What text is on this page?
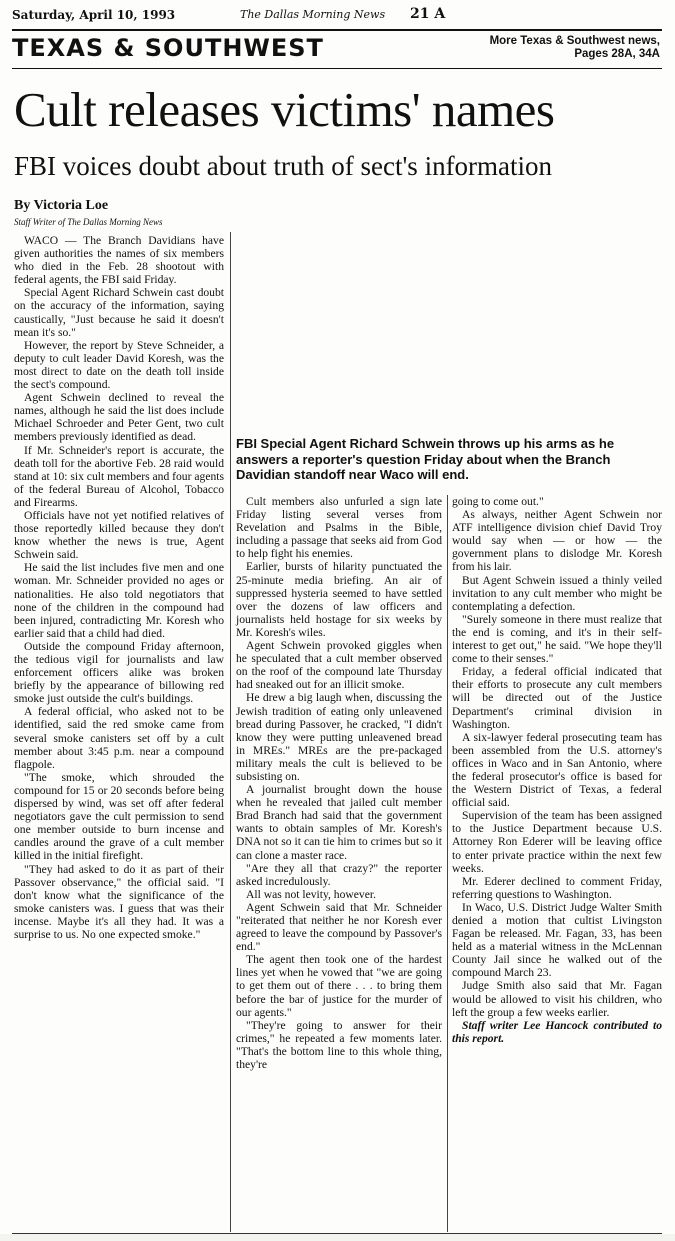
Saturday, April 10, 1993	The Dallas Morning News 21 A
TEXAS & SOUTHWEST	More Texas & Southwest news,
Pages 28A, 34A
Cult releases victims' names
FBI voices doubt about truth of sect's information
By Victoria Loe
Staff Writer of The Dallas Morning News

WACO — The Branch Davidians have given authorities the names of six members who died in the Feb. 28 shootout with federal agents, the FBI said Friday.

Special Agent Richard Schwein cast doubt on the accuracy of the information, saying caustically, "Just because he said it doesn't mean it's so."

However, the report by Steve Schneider, a deputy to cult leader David Koresh, was the most direct to date on the death toll inside the sect's compound.

Agent Schwein declined to reveal the names, although he said the list does include Michael Schroeder and Peter Gent, two cult members previously identified as dead.

If Mr. Schneider's report is accurate, the death toll for the abortive Feb. 28 raid would stand at 10: six cult members and four agents of the federal Bureau of Alcohol, Tobacco and Firearms.

Officials have not yet notified relatives of those reportedly killed because they don't know whether the news is true, Agent Schwein said.

He said the list includes five men and one woman. Mr. Schneider provided no ages or nationalities. He also told negotiators that none of the children in the compound had been injured, contradicting Mr. Koresh who earlier said that a child had died.

Outside the compound Friday afternoon, the tedious vigil for journalists and law enforcement officers alike was broken briefly by the appearance of billowing red smoke just outside the cult's buildings.

A federal official, who asked not to be identified, said the red smoke came from several smoke canisters set off by a cult member about 3:45 p.m. near a compound flagpole.

"The smoke, which shrouded the compound for 15 or 20 seconds before being dispersed by wind, was set off after federal negotiators gave the cult permission to send one member outside to burn incense and candles around the grave of a cult member killed in the initial firefight.

"They had asked to do it as part of their Passover observance," the official said. "I don't know what the significance of the smoke canisters was. I guess that was their incense. Maybe it's all they had. It was a surprise to us. No one expected smoke."

FBI Special Agent Richard Schwein throws up his arms as he answers a reporter's question Friday about when the Branch Davidian standoff near Waco will end.

Cult members also unfurled a sign late Friday listing several verses from Revelation and Psalms in the Bible, including a passage that seeks aid from God to help fight his enemies.

Earlier, bursts of hilarity punctuated the 25-minute media briefing. An air of suppressed hysteria seemed to have settled over the dozens of law officers and journalists held hostage for six weeks by Mr. Koresh's wiles.

Agent Schwein provoked giggles when he speculated that a cult member observed on the roof of the compound late Thursday had sneaked out for an illicit smoke.

He drew a big laugh when, discussing the Jewish tradition of eating only unleavened bread during Passover, he cracked, "I didn't know they were putting unleavened bread in MREs." MREs are the pre-packaged military meals the cult is believed to be subsisting on.

A journalist brought down the house when he revealed that jailed cult member Brad Branch had said that the government wants to obtain samples of Mr. Koresh's DNA not so it can tie him to crimes but so it can clone a master race.

"Are they all that crazy?" the reporter asked incredulously.

All was not levity, however.

Agent Schwein said that Mr. Schneider "reiterated that neither he nor Koresh ever agreed to leave the compound by Passover's end."

The agent then took one of the hardest lines yet when he vowed that "we are going to get them out of there . . . to bring them before the bar of justice for the murder of our agents."

"They're going to answer for their crimes," he repeated a few moments later. "That's the bottom line to this whole thing, they're

going to come out."

As always, neither Agent Schwein nor ATF intelligence division chief David Troy would say when — or how — the government plans to dislodge Mr. Koresh from his lair.

But Agent Schwein issued a thinly veiled invitation to any cult member who might be contemplating a defection.

"Surely someone in there must realize that the end is coming, and it's in their self-interest to get out," he said. "We hope they'll come to their senses."

Friday, a federal official indicated that their efforts to prosecute any cult members will be directed out of the Justice Department's criminal division in Washington.

A six-lawyer federal prosecuting team has been assembled from the U.S. attorney's offices in Waco and in San Antonio, where the federal prosecutor's office is based for the Western District of Texas, a federal official said.

Supervision of the team has been assigned to the Justice Department because U.S. Attorney Ron Ederer will be leaving office to enter private practice within the next few weeks.

Mr. Ederer declined to comment Friday, referring questions to Washington.

In Waco, U.S. District Judge Walter Smith denied a motion that cultist Livingston Fagan be released. Mr. Fagan, 33, has been held as a material witness in the McLennan County Jail since he walked out of the compound March 23.

Judge Smith also said that Mr. Fagan would be allowed to visit his children, who left the group a few weeks earlier.

Staff writer Lee Hancock contributed to this report.
